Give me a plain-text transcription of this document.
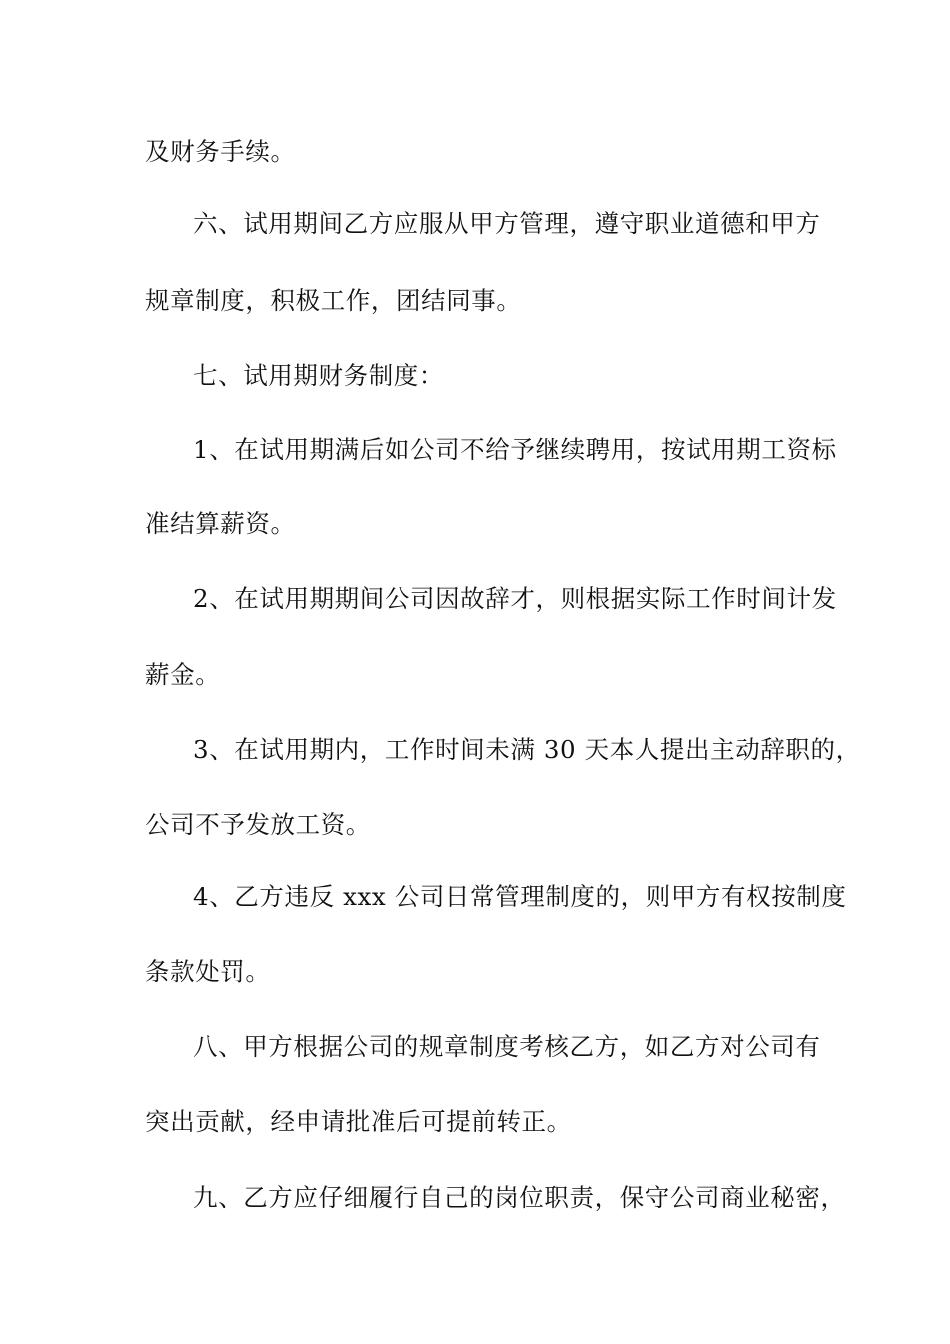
及财务手续。
六、试用期间乙方应服从甲方管理，遵守职业道德和甲方
规章制度，积极工作，团结同事。
七、试用期财务制度：
1、在试用期满后如公司不给予继续聘用，按试用期工资标
准结算薪资。
2、在试用期期间公司因故辞才，则根据实际工作时间计发
薪金。
3、在试用期内，工作时间未满 30 天本人提出主动辞职的，
公司不予发放工资。
4、乙方违反 xxx 公司日常管理制度的，则甲方有权按制度
条款处罚。
八、甲方根据公司的规章制度考核乙方，如乙方对公司有
突出贡献，经申请批准后可提前转正。
九、乙方应仔细履行自己的岗位职责，保守公司商业秘密，
